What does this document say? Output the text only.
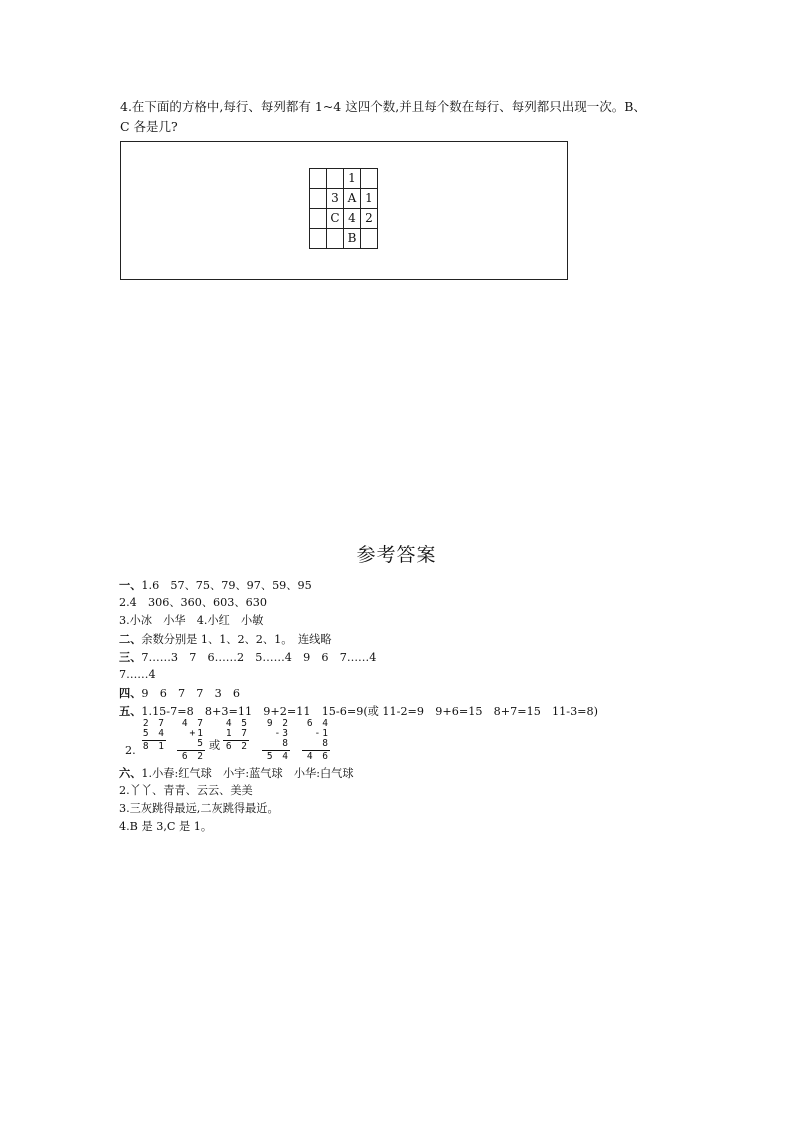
4.在下面的方格中,每行、每列都有 1~4 这四个数,并且每个数在每行、每列都只出现一次。B、
C 各是几?
		1	
	3	A	1
	C	4	2
		B	
参考答案
一、1.6　57、75、79、97、59、95
2.4　306、360、603、630
3.小冰　小华　4.小红　小敏
二、余数分别是 1、1、2、2、1。　连线略
三、7……3　7　6……2　5……4　9　6　7……4
7……4
四、9　6　7　7　3　6
五、1.15-7=8　8+3=11　9+2=11　15-6=9(或 11-2=9　9+6=15　8+7=15　11-3=8)
2.
2 7
5 4
8 1
4 7
+1 5
6 2
或
4 5
1 7
6 2
9 2
-3 8
5 4
6 4
-1 8
4 6
六、1.小春:红气球　小宇:蓝气球　小华:白气球
2.丫丫、青青、云云、美美
3.三灰跳得最远,二灰跳得最近。
4.B 是 3,C 是 1。
